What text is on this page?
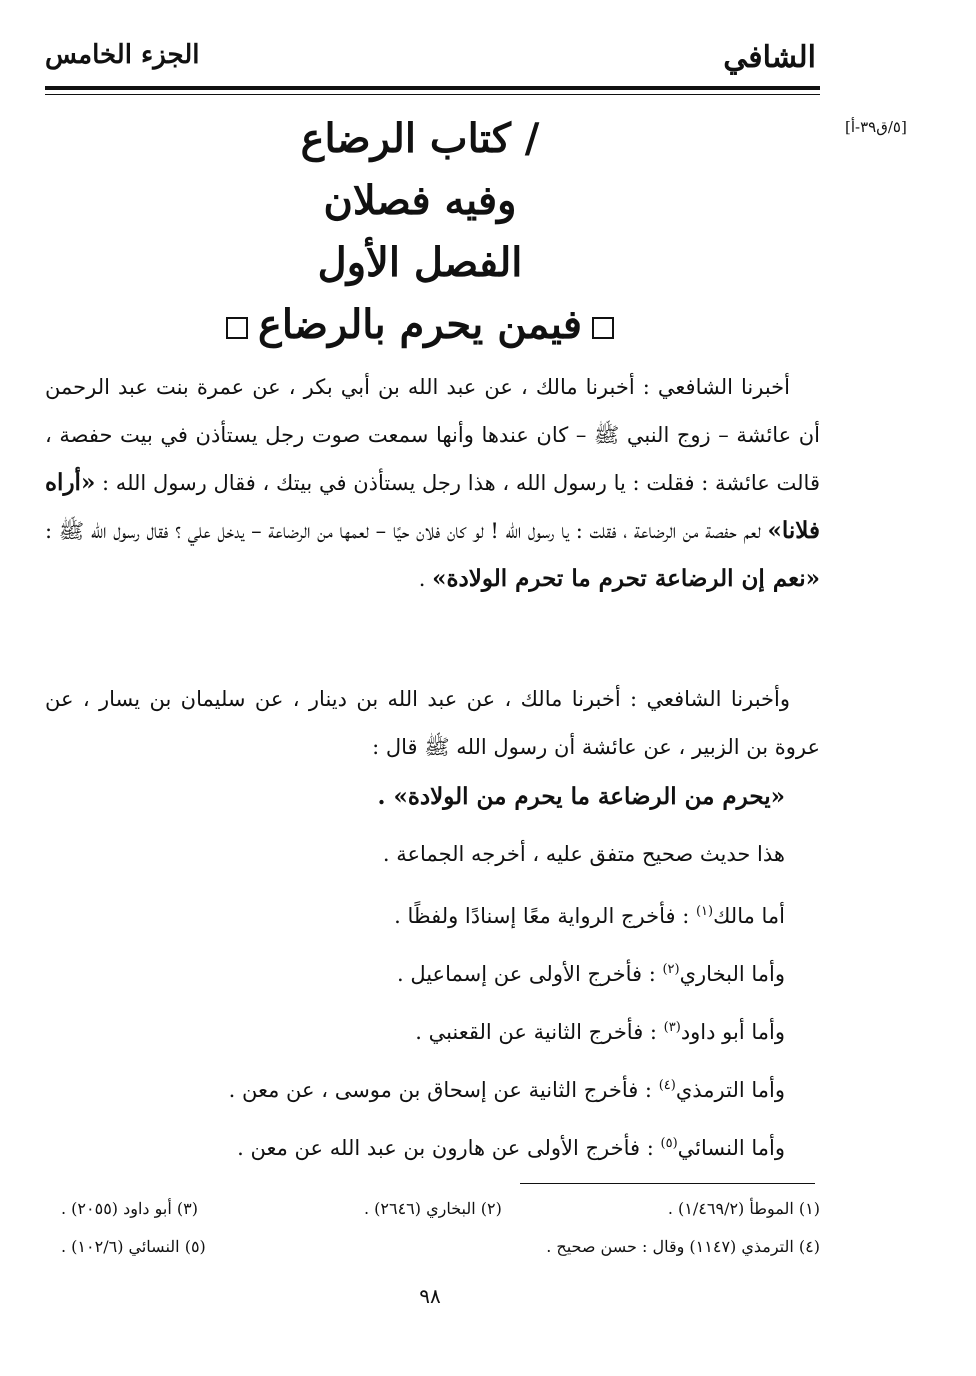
الشافي
الجزء الخامس
[٥/ق٣٩-أ]
/ كتاب الرضاع
وفيه فصلان
الفصل الأول
فيمن يحرم بالرضاع

أخبرنا الشافعي : أخبرنا مالك ، عن عبد الله بن أبي بكر ، عن عمرة بنت عبد الرحمن أن عائشة – زوج النبي ﷺ – كان عندها وأنها سمعت صوت رجل يستأذن في بيت حفصة ، قالت عائشة : فقلت : يا رسول الله ، هذا رجل يستأذن في بيتك ، فقال رسول الله : «أراه فلانا» لعم حفصة من الرضاعة ، فقلت : يا رسول الله ! لو كان فلان حيًا – لعمها من الرضاعة – يدخل علي ؟ فقال رسول الله ﷺ : «نعم إن الرضاعة تحرم ما تحرم الولادة» .

وأخبرنا الشافعي : أخبرنا مالك ، عن عبد الله بن دينار ، عن سليمان بن يسار ، عن عروة بن الزبير ، عن عائشة أن رسول الله ﷺ قال :

«يحرم من الرضاعة ما يحرم من الولادة» .
هذا حديث صحيح متفق عليه ، أخرجه الجماعة .
أما مالك$^{(١)}$ : فأخرج الرواية معًا إسنادًا ولفظًا .
وأما البخاري$^{(٢)}$ : فأخرج الأولى عن إسماعيل .
وأما أبو داود$^{(٣)}$ : فأخرج الثانية عن القعنبي .
وأما الترمذي$^{(٤)}$ : فأخرج الثانية عن إسحاق بن موسى ، عن معن .
وأما النسائي$^{(٥)}$ : فأخرج الأولى عن هارون بن عبد الله عن معن .
(١) الموطأ (١/٤٦٩/٢) .
(٢) البخاري (٢٦٤٦) .
(٣) أبو داود (٢٠٥٥) .
(٤) الترمذي (١١٤٧) وقال : حسن صحيح .
(٥) النسائي (١٠٢/٦) .
٩٨
